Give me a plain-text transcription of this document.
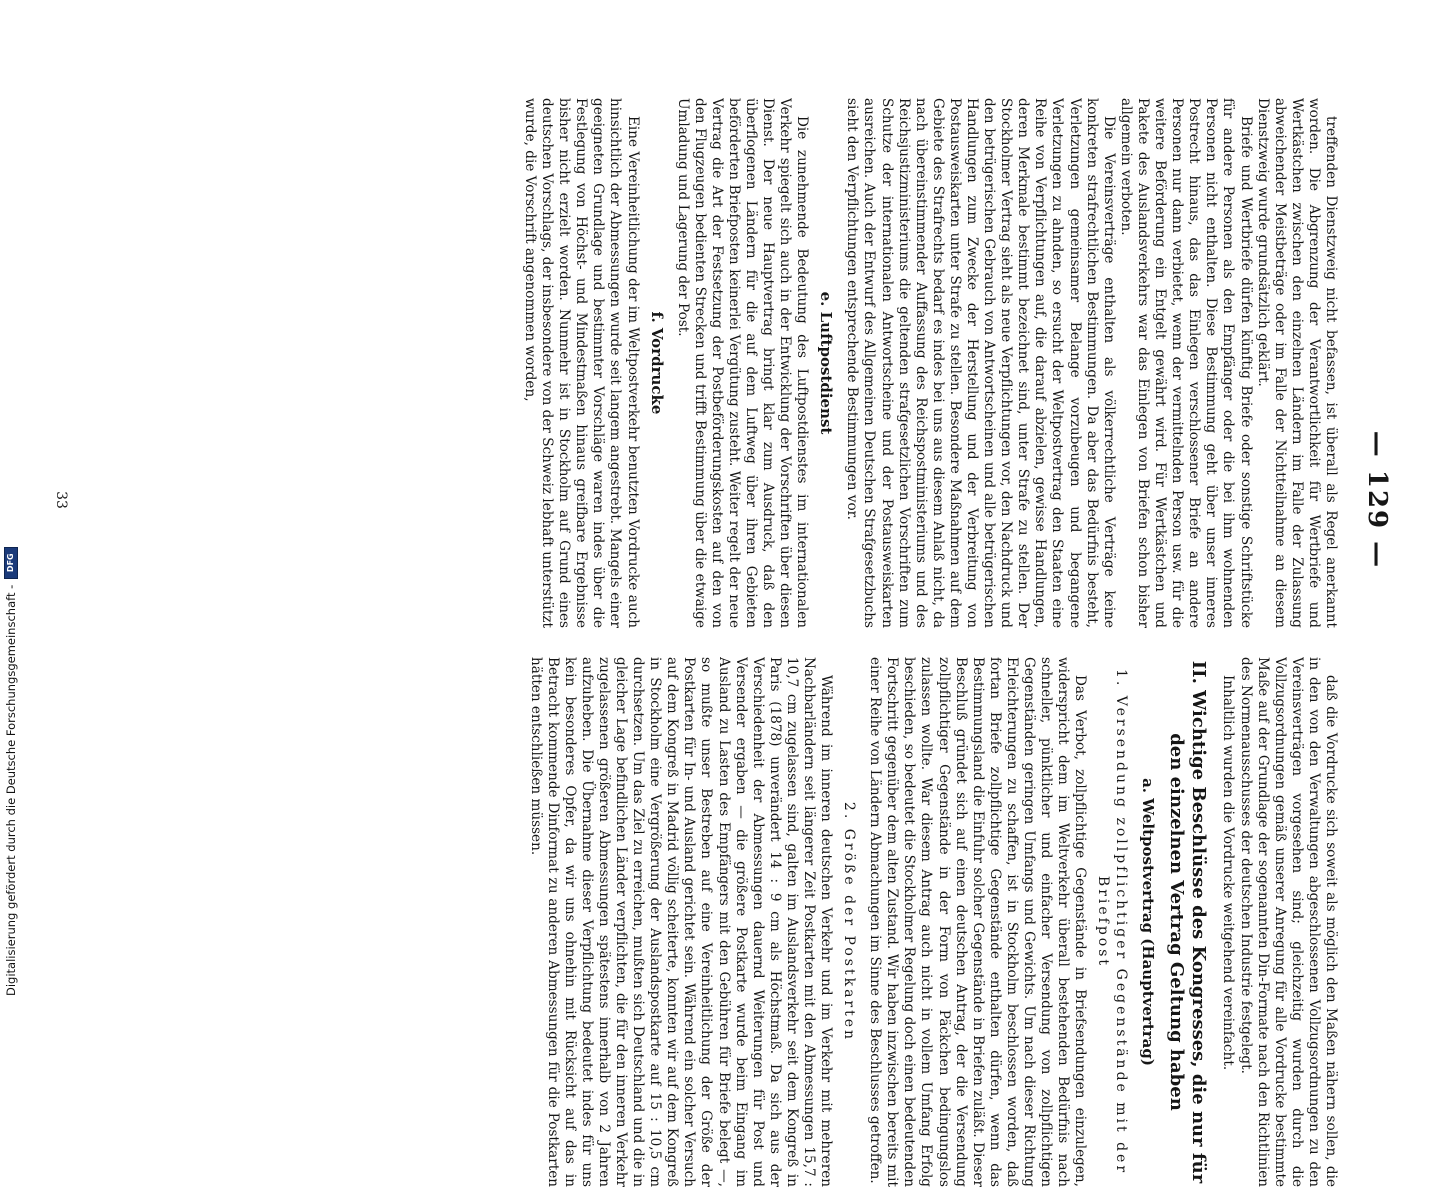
— 129 —

treffenden Dienstzweig nicht befassen, ist überall als Regel anerkannt worden. Die Abgrenzung der Verantwortlichkeit für Wertbriefe und Wertkästchen zwischen den einzelnen Ländern im Falle der Zulassung abweichender Meistbeträge oder im Falle der Nichtteilnahme an diesem Dienstzweig wurde grundsätzlich geklärt.

Briefe und Wertbriefe dürfen künftig Briefe oder sonstige Schriftstücke für andere Personen als den Empfänger oder die bei ihm wohnenden Personen nicht enthalten. Diese Bestimmung geht über unser inneres Postrecht hinaus, das das Einlegen verschlossener Briefe an andere Personen nur dann verbietet, wenn der vermittelnden Person usw. für die weitere Beförderung ein Entgelt gewährt wird. Für Wertkästchen und Pakete des Auslandsverkehrs war das Einlegen von Briefen schon bisher allgemein verboten.

Die Vereinsverträge enthalten als völkerrechtliche Verträge keine konkreten strafrechtlichen Bestimmungen. Da aber das Bedürfnis besteht, Verletzungen gemeinsamer Belange vorzubeugen und begangene Verletzungen zu ahnden, so ersucht der Weltpostvertrag den Staaten eine Reihe von Verpflichtungen auf, die darauf abzielen, gewisse Handlungen, deren Merkmale bestimmt bezeichnet sind, unter Strafe zu stellen. Der Stockholmer Vertrag sieht als neue Verpflichtungen vor, den Nachdruck und den betrügerischen Gebrauch von Antwortscheinen und alle betrügerischen Handlungen zum Zwecke der Herstellung und der Verbreitung von Postausweiskarten unter Strafe zu stellen. Besondere Maßnahmen auf dem Gebiete des Strafrechts bedarf es indes bei uns aus diesem Anlaß nicht, da nach übereinstimmender Auffassung des Reichspostministeriums und des Reichsjustizministeriums die geltenden strafgesetzlichen Vorschriften zum Schutze der internationalen Antwortscheine und der Postausweiskarten ausreichen. Auch der Entwurf des Allgemeinen Deutschen Strafgesetzbuchs sieht den Verpflichtungen entsprechende Bestimmungen vor.

e. Luftpostdienst

Die zunehmende Bedeutung des Luftpostdienstes im internationalen Verkehr spiegelt sich auch in der Entwicklung der Vorschriften über diesen Dienst. Der neue Hauptvertrag bringt klar zum Ausdruck, daß den überflogenen Ländern für die auf dem Luftweg über ihren Gebieten beförderten Briefposten keinerlei Vergütung zusteht. Weiter regelt der neue Vertrag die Art der Festsetzung der Postbeförderungskosten auf den von den Flugzeugen bedienten Strecken und trifft Bestimmung über die etwaige Umladung und Lagerung der Post.

f. Vordrucke

Eine Vereinheitlichung der im Weltpostverkehr benutzten Vordrucke auch hinsichtlich der Abmessungen wurde seit langem angestrebt. Mangels einer geeigneten Grundlage und bestimmter Vorschläge waren indes über die Festlegung von Höchst- und Mindestmaßen hinaus greifbare Ergebnisse bisher nicht erzielt worden. Nunmehr ist in Stockholm auf Grund eines deutschen Vorschlags, der insbesondere von der Schweiz lebhaft unterstützt wurde, die Vorschrift angenommen worden,

daß die Vordrucke sich soweit als möglich den Maßen nähern sollen, die in den von den Verwaltungen abgeschlossenen Vollzugsordnungen zu den Vereinsverträgen vorgesehen sind; gleichzeitig wurden durch die Vollzugsordnungen gemäß unserer Anregung für alle Vordrucke bestimmte Maße auf der Grundlage der sogenannten Din-Formate nach den Richtlinien des Normenausschusses der deutschen Industrie festgelegt.

Inhaltlich wurden die Vordrucke weitgehend vereinfacht.

II. Wichtige Beschlüsse des Kongresses, die nur für den einzelnen Vertrag Geltung haben
a. Weltpostvertrag (Hauptvertrag)
1. Versendung zollpflichtiger Gegenstände mit der Briefpost

Das Verbot, zollpflichtige Gegenstände in Briefsendungen einzulegen, widerspricht dem im Weltverkehr überall bestehenden Bedürfnis nach schneller, pünktlicher und einfacher Versendung von zollpflichtigen Gegenständen geringen Umfangs und Gewichts. Um nach dieser Richtung Erleichterungen zu schaffen, ist in Stockholm beschlossen worden, daß fortan Briefe zollpflichtige Gegenstände enthalten dürfen, wenn das Bestimmungsland die Einfuhr solcher Gegenstände in Briefen zuläßt. Dieser Beschluß gründet sich auf einen deutschen Antrag, der die Versendung zollpflichtiger Gegenstände in der Form von Päckchen bedingungslos zulassen wollte. War diesem Antrag auch nicht in vollem Umfang Erfolg beschieden, so bedeutet die Stockholmer Regelung doch einen bedeutenden Fortschritt gegenüber dem alten Zustand. Wir haben inzwischen bereits mit einer Reihe von Ländern Abmachungen im Sinne des Beschlusses getroffen.

2. Größe der Postkarten

Während im inneren deutschen Verkehr und im Verkehr mit mehreren Nachbarländern seit längerer Zeit Postkarten mit den Abmessungen 15,7 : 10,7 cm zugelassen sind, galten im Auslandsverkehr seit dem Kongreß in Paris (1878) unverändert 14 : 9 cm als Höchstmaß. Da sich aus der Verschiedenheit der Abmessungen dauernd Weiterungen für Post und Versender ergaben — die größere Postkarte wurde beim Eingang im Ausland zu Lasten des Empfängers mit den Gebühren für Briefe belegt —, so mußte unser Bestreben auf eine Vereinheitlichung der Größe der Postkarten für In- und Ausland gerichtet sein. Während ein solcher Versuch auf dem Kongreß in Madrid völlig scheiterte, konnten wir auf dem Kongreß in Stockholm eine Vergrößerung der Auslandspostkarte auf 15 : 10,5 cm durchsetzen. Um das Ziel zu erreichen, mußten sich Deutschland und die in gleicher Lage befindlichen Länder verpflichten, die für den inneren Verkehr zugelassenen größeren Abmessungen spätestens innerhalb von 2 Jahren aufzuheben. Die Übernahme dieser Verpflichtung bedeutet indes für uns kein besonderes Opfer, da wir uns ohnehin mit Rücksicht auf das in Betracht kommende Dinformat zu anderen Abmessungen für die Postkarten hätten entschließen müssen.

33
Digitalisierung gefördert durch die Deutsche Forschungsgemeinschaft -
DFG
